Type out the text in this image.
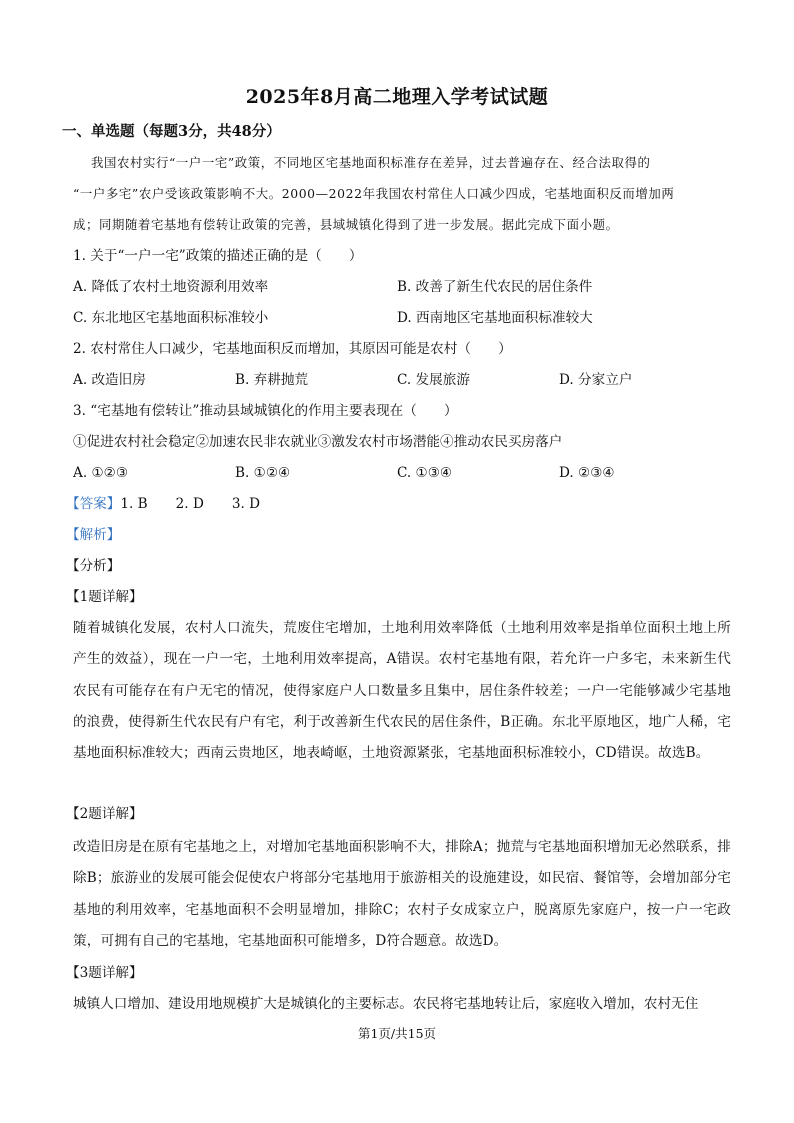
2025年8月高二地理入学考试试题
一、单选题（每题3分，共48分）
我国农村实行“一户一宅”政策，不同地区宅基地面积标准存在差异，过去普遍存在、经合法取得的
“一户多宅”农户受该政策影响不大。2000—2022年我国农村常住人口减少四成，宅基地面积反而增加两
成；同期随着宅基地有偿转让政策的完善，县域城镇化得到了进一步发展。据此完成下面小题。
1. 关于“一户一宅”政策的描述正确的是（　　）
A. 降低了农村土地资源利用效率	B. 改善了新生代农民的居住条件
C. 东北地区宅基地面积标准较小	D. 西南地区宅基地面积标准较大
2. 农村常住人口减少，宅基地面积反而增加，其原因可能是农村（　　）
A. 改造旧房	B. 弃耕抛荒	C. 发展旅游	D. 分家立户
3. “宅基地有偿转让”推动县域城镇化的作用主要表现在（　　）
①促进农村社会稳定②加速农民非农就业③激发农村市场潜能④推动农民买房落户
A. ①②③	B. ①②④	C. ①③④	D. ②③④
【答案】1. B 2. D 3. D
【解析】
【分析】
【1题详解】
随着城镇化发展，农村人口流失，荒废住宅增加，土地利用效率降低（土地利用效率是指单位面积土地上所产生的效益），现在一户一宅，土地利用效率提高，A错误。农村宅基地有限，若允许一户多宅，未来新生代农民有可能存在有户无宅的情况，使得家庭户人口数量多且集中，居住条件较差；一户一宅能够减少宅基地的浪费，使得新生代农民有户有宅，利于改善新生代农民的居住条件，B正确。东北平原地区，地广人稀，宅基地面积标准较大；西南云贵地区，地表崎岖，土地资源紧张，宅基地面积标准较小，CD错误。故选B。
【2题详解】
改造旧房是在原有宅基地之上，对增加宅基地面积影响不大，排除A；抛荒与宅基地面积增加无必然联系，排除B；旅游业的发展可能会促使农户将部分宅基地用于旅游相关的设施建设，如民宿、餐馆等，会增加部分宅基地的利用效率，宅基地面积不会明显增加，排除C；农村子女成家立户，脱离原先家庭户，按一户一宅政策，可拥有自己的宅基地，宅基地面积可能增多，D符合题意。故选D。
【3题详解】
城镇人口增加、建设用地规模扩大是城镇化的主要标志。农民将宅基地转让后，家庭收入增加，农村无住
第1页/共15页
